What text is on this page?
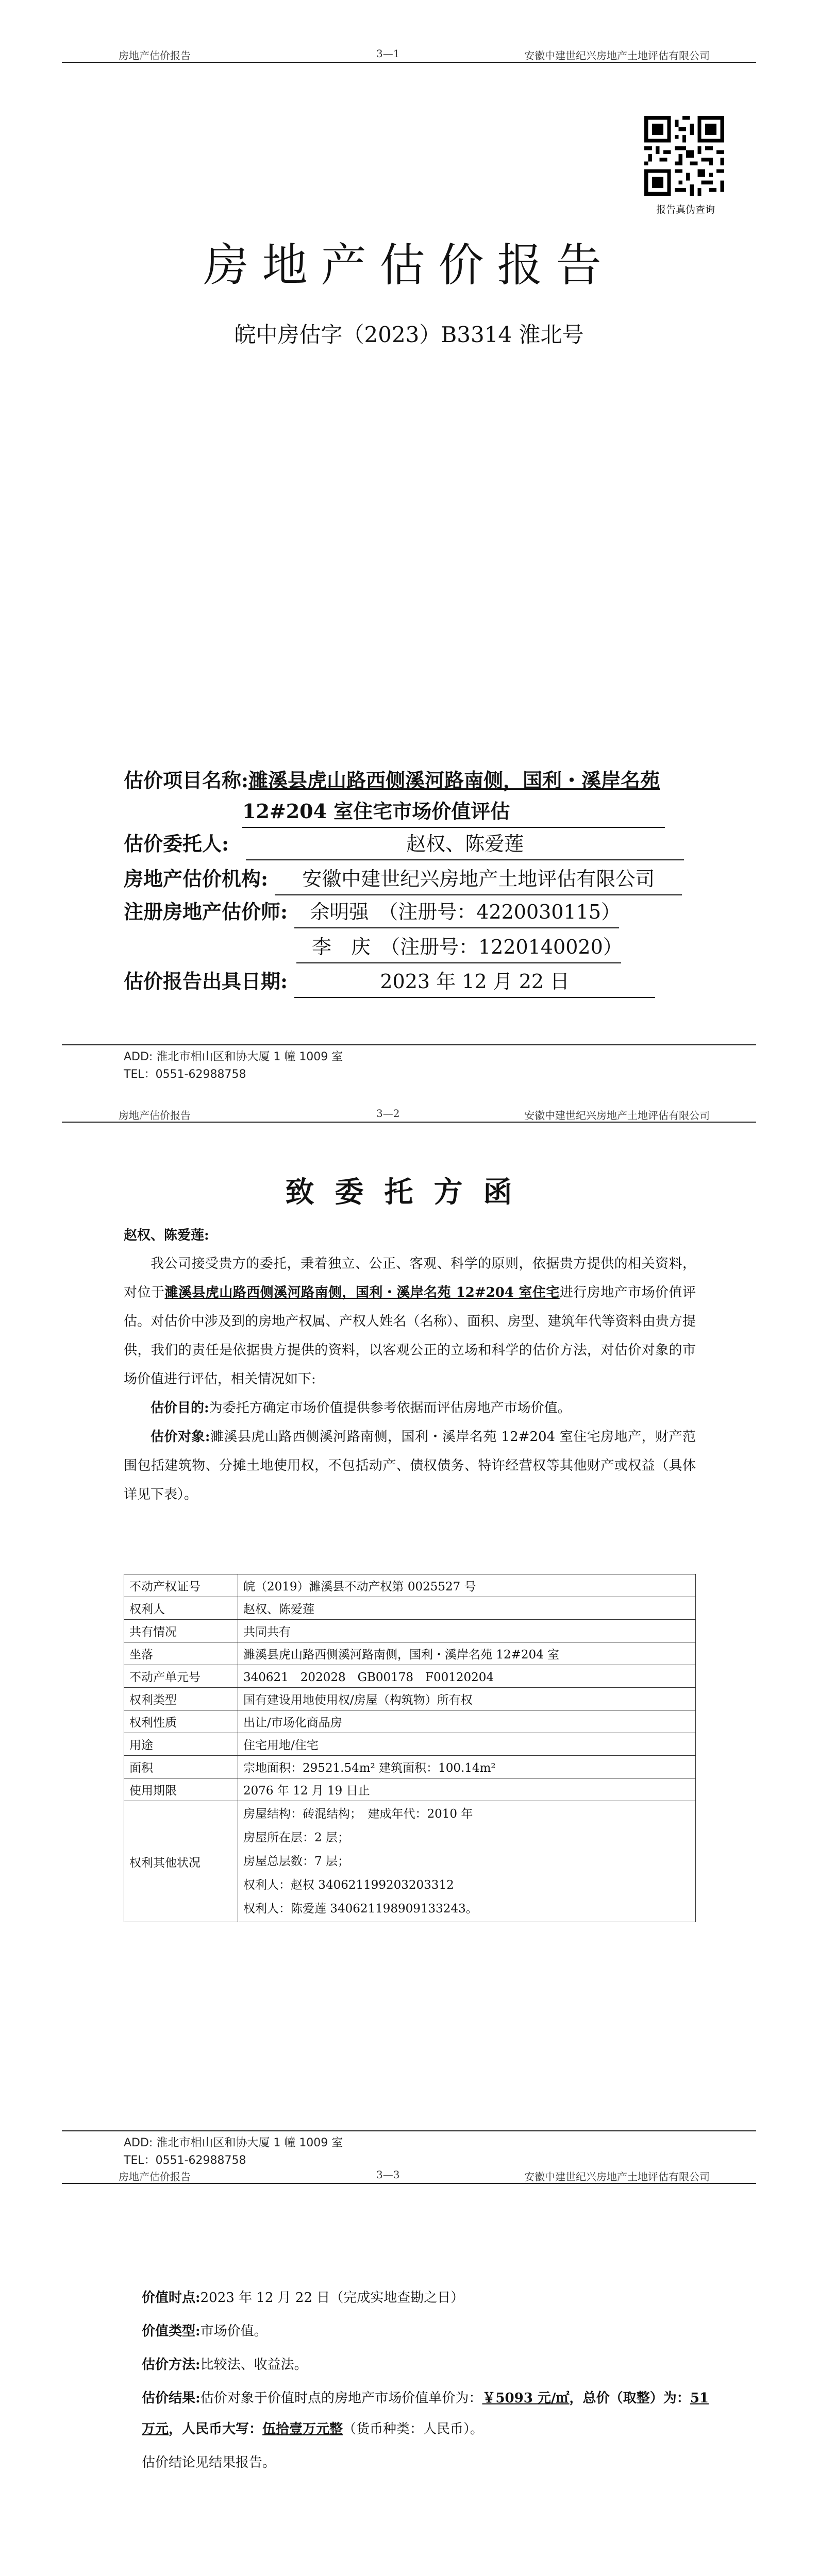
房地产估价报告	3—1	安徽中建世纪兴房地产土地评估有限公司
报告真伪查询
房地产估价报告
皖中房估字（2023）B3314 淮北号
估价项目名称:濉溪县虎山路西侧溪河路南侧，国利・溪岸名苑
12#204 室住宅市场价值评估
估价委托人:	赵权、陈爱莲
房地产估价机构: 安徽中建世纪兴房地产土地评估有限公司
注册房地产估价师: 余明强　（注册号：4220030115）
李　庆　（注册号：1220140020）
估价报告出具日期:	2023 年 12 月 22 日
ADD: 淮北市相山区和协大厦 1 幢 1009 室
TEL：0551-62988758
房地产估价报告	3—2	安徽中建世纪兴房地产土地评估有限公司
致委托方函
赵权、陈爱莲:

我公司接受贵方的委托，秉着独立、公正、客观、科学的原则，依据贵方提供的相关资料，对位于濉溪县虎山路西侧溪河路南侧，国利・溪岸名苑 12#204 室住宅进行房地产市场价值评估。对估价中涉及到的房地产权属、产权人姓名（名称）、面积、房型、建筑年代等资料由贵方提供，我们的责任是依据贵方提供的资料，以客观公正的立场和科学的估价方法，对估价对象的市场价值进行评估，相关情况如下:

估价目的:为委托方确定市场价值提供参考依据而评估房地产市场价值。

估价对象:濉溪县虎山路西侧溪河路南侧，国利・溪岸名苑 12#204 室住宅房地产，财产范围包括建筑物、分摊土地使用权，不包括动产、债权债务、特许经营权等其他财产或权益（具体详见下表）。

不动产权证号	皖（2019）濉溪县不动产权第 0025527 号
权利人	赵权、陈爱莲
共有情况	共同共有
坐落	濉溪县虎山路西侧溪河路南侧，国利・溪岸名苑 12#204 室
不动产单元号	340621　202028　GB00178　F00120204
权利类型	国有建设用地使用权/房屋（构筑物）所有权
权利性质	出让/市场化商品房
用途	住宅用地/住宅
面积	宗地面积：29521.54m² 建筑面积：100.14m²
使用期限	2076 年 12 月 19 日止
权利其他状况	房屋结构：砖混结构；　建成年代：2010 年
房屋所在层：2 层；
房屋总层数：7 层；
权利人：赵权 340621199203203312
权利人：陈爱莲 340621198909133243。
ADD: 淮北市相山区和协大厦 1 幢 1009 室
TEL：0551-62988758
房地产估价报告	3—3	安徽中建世纪兴房地产土地评估有限公司
价值时点:2023 年 12 月 22 日（完成实地查勘之日）
价值类型:市场价值。
估价方法:比较法、收益法。
估价结果:估价对象于价值时点的房地产市场价值单价为：￥5093 元/㎡，总价（取整）为：51 万元，人民币大写：伍拾壹万元整（货币种类：人民币）。
估价结论见结果报告。
